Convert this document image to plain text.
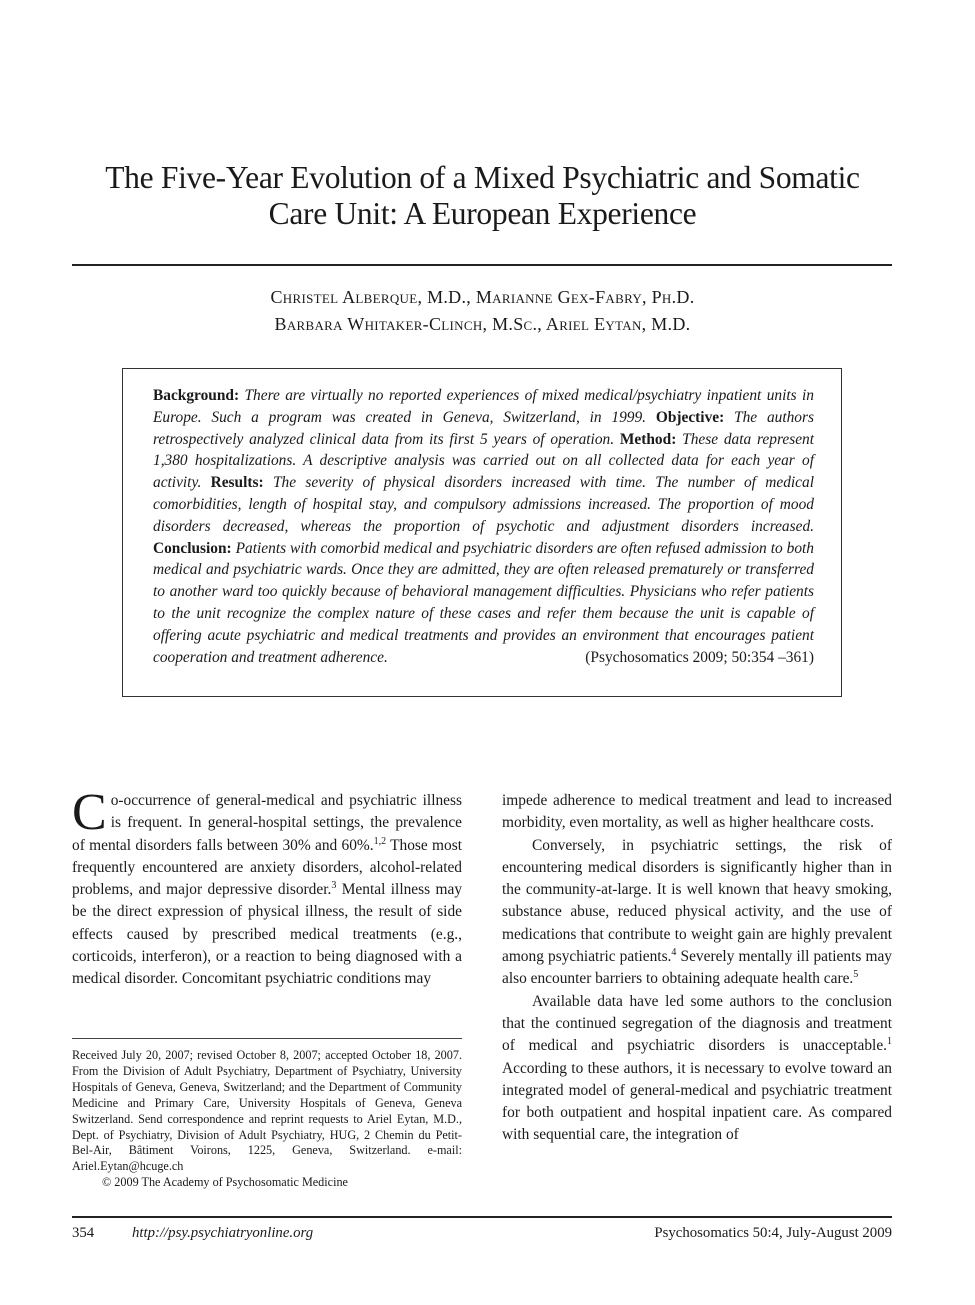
The Five-Year Evolution of a Mixed Psychiatric and Somatic
Care Unit: A European Experience
Christel Alberque, M.D., Marianne Gex-Fabry, Ph.D.
Barbara Whitaker-Clinch, M.Sc., Ariel Eytan, M.D.
Background: There are virtually no reported experiences of mixed medical/psychiatry inpatient units in Europe. Such a program was created in Geneva, Switzerland, in 1999. Objective: The authors retrospectively analyzed clinical data from its first 5 years of operation. Method: These data represent 1,380 hospitalizations. A descriptive analysis was carried out on all collected data for each year of activity. Results: The severity of physical disorders increased with time. The number of medical comorbidities, length of hospital stay, and compulsory admissions increased. The proportion of mood disorders decreased, whereas the proportion of psychotic and adjustment disorders increased. Conclusion: Patients with comorbid medical and psychiatric disorders are often refused admission to both medical and psychiatric wards. Once they are admitted, they are often released prematurely or transferred to another ward too quickly because of behavioral management difficulties. Physicians who refer patients to the unit recognize the complex nature of these cases and refer them because the unit is capable of offering acute psychiatric and medical treatments and provides an environment that encourages patient cooperation and treatment adherence.	(Psychosomatics 2009; 50:354 –361)

Co-occurrence of general-medical and psychiatric illness is frequent. In general-hospital settings, the prevalence of mental disorders falls between 30% and 60%.$^{1,2}$ Those most frequently encountered are anxiety disorders, alcohol-related problems, and major depressive disorder.$^3$ Mental illness may be the direct expression of physical illness, the result of side effects caused by prescribed medical treatments (e.g., corticoids, interferon), or a reaction to being diagnosed with a medical disorder. Concomitant psychiatric conditions may

impede adherence to medical treatment and lead to increased morbidity, even mortality, as well as higher healthcare costs.

Conversely, in psychiatric settings, the risk of encountering medical disorders is significantly higher than in the community-at-large. It is well known that heavy smoking, substance abuse, reduced physical activity, and the use of medications that contribute to weight gain are highly prevalent among psychiatric patients.$^4$ Severely mentally ill patients may also encounter barriers to obtaining adequate health care.$^5$

Available data have led some authors to the conclusion that the continued segregation of the diagnosis and treatment of medical and psychiatric disorders is unacceptable.$^1$ According to these authors, it is necessary to evolve toward an integrated model of general-medical and psychiatric treatment for both outpatient and hospital inpatient care. As compared with sequential care, the integration of

Received July 20, 2007; revised October 8, 2007; accepted October 18, 2007. From the Division of Adult Psychiatry, Department of Psychiatry, University Hospitals of Geneva, Geneva, Switzerland; and the Department of Community Medicine and Primary Care, University Hospitals of Geneva, Geneva Switzerland. Send correspondence and reprint requests to Ariel Eytan, M.D., Dept. of Psychiatry, Division of Adult Psychiatry, HUG, 2 Chemin du Petit-Bel-Air, Bâtiment Voirons, 1225, Geneva, Switzerland. e-mail: Ariel.Eytan@hcuge.ch
© 2009 The Academy of Psychosomatic Medicine
354	http://psy.psychiatryonline.org	Psychosomatics 50:4, July-August 2009
